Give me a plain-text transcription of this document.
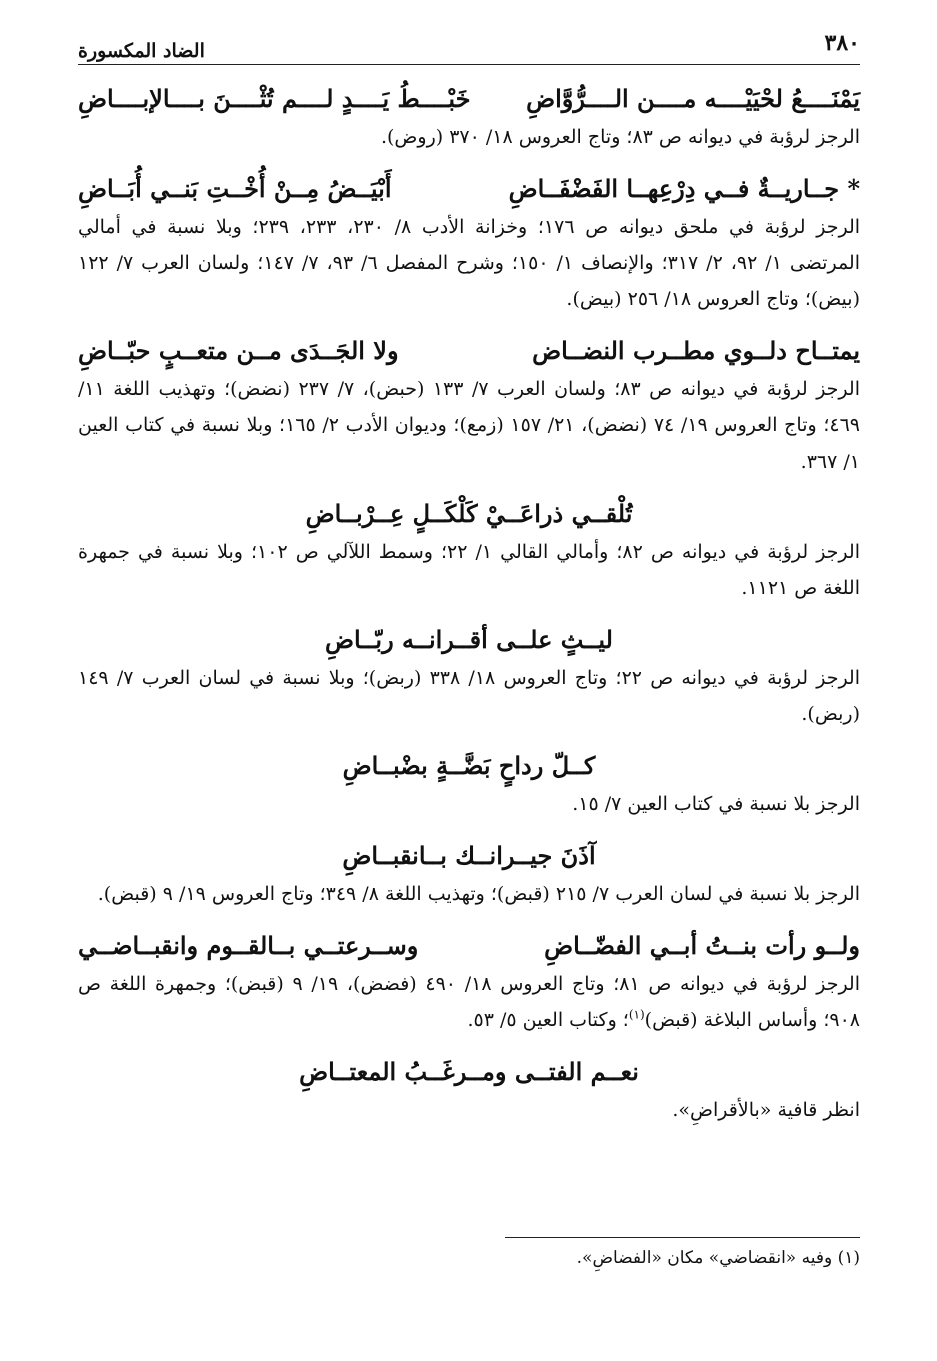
٣٨٠
الضاد المكسورة
يَمْنَــــعُ لحْيَيْــــه مــــن الــــرُّوَّاضِ
خَبْــــطُ يَــــدٍ لــــم تُثْــــنَ بــــالإبــــاضِ
الرجز لرؤبة في ديوانه ص ٨٣؛ وتاج العروس ١٨/ ٣٧٠ (روض).
* جــاريــةٌ فــي دِرْعِهــا الفَضْفَــاضِ
أَبْيَــضُ مِــنْ أُخْــتِ بَنــي أُبَــاضِ
الرجز لرؤبة في ملحق ديوانه ص ١٧٦؛ وخزانة الأدب ٨/ ٢٣٠، ٢٣٣، ٢٣٩؛ وبلا نسبة في أمالي المرتضى ١/ ٩٢، ٢/ ٣١٧؛ والإنصاف ١/ ١٥٠؛ وشرح المفصل ٦/ ٩٣، ٧/ ١٤٧؛ ولسان العرب ٧/ ١٢٢ (بيض)؛ وتاج العروس ١٨/ ٢٥٦ (بيض).
يمتــاح دلــوي مطــرب النضــاض
ولا الجَــدَى مــن متعــبٍ حبّــاضِ
الرجز لرؤبة في ديوانه ص ٨٣؛ ولسان العرب ٧/ ١٣٣ (حبض)، ٧/ ٢٣٧ (نضض)؛ وتهذيب اللغة ١١/ ٤٦٩؛ وتاج العروس ١٩/ ٧٤ (نضض)، ٢١/ ١٥٧ (زمع)؛ وديوان الأدب ٢/ ١٦٥؛ وبلا نسبة في كتاب العين ١/ ٣٦٧.
تُلْقــي ذراعَــيْ كَلْكَــلٍ عِــرْبــاضِ
الرجز لرؤبة في ديوانه ص ٨٢؛ وأمالي القالي ١/ ٢٢؛ وسمط اللآلي ص ١٠٢؛ وبلا نسبة في جمهرة اللغة ص ١١٢١.
ليــثٍ علــى أقــرانــه ربّــاضِ
الرجز لرؤبة في ديوانه ص ٢٢؛ وتاج العروس ١٨/ ٣٣٨ (ربض)؛ وبلا نسبة في لسان العرب ٧/ ١٤٩ (ربض).
كــلّ رداحٍ بَضَّــةٍ بضْبــاضِ
الرجز بلا نسبة في كتاب العين ٧/ ١٥.
آذَنَ جيــرانــك بــانقبــاضِ
الرجز بلا نسبة في لسان العرب ٧/ ٢١٥ (قبض)؛ وتهذيب اللغة ٨/ ٣٤٩؛ وتاج العروس ١٩/ ٩ (قبض).
ولــو رأت بنــتُ أبــي الفضّــاضِ
وســرعتــي بــالقــوم وانقبــاضــي
الرجز لرؤبة في ديوانه ص ٨١؛ وتاج العروس ١٨/ ٤٩٠ (فضض)، ١٩/ ٩ (قبض)؛ وجمهرة اللغة ص ٩٠٨؛ وأساس البلاغة (قبض)$^{(١)}$؛ وكتاب العين ٥/ ٥٣.
نعــم الفتــى ومــرغَــبُ المعتــاضِ
انظر قافية «بالأقراضِ».
(١) وفيه «انقضاضي» مكان «الفضاضِ».
